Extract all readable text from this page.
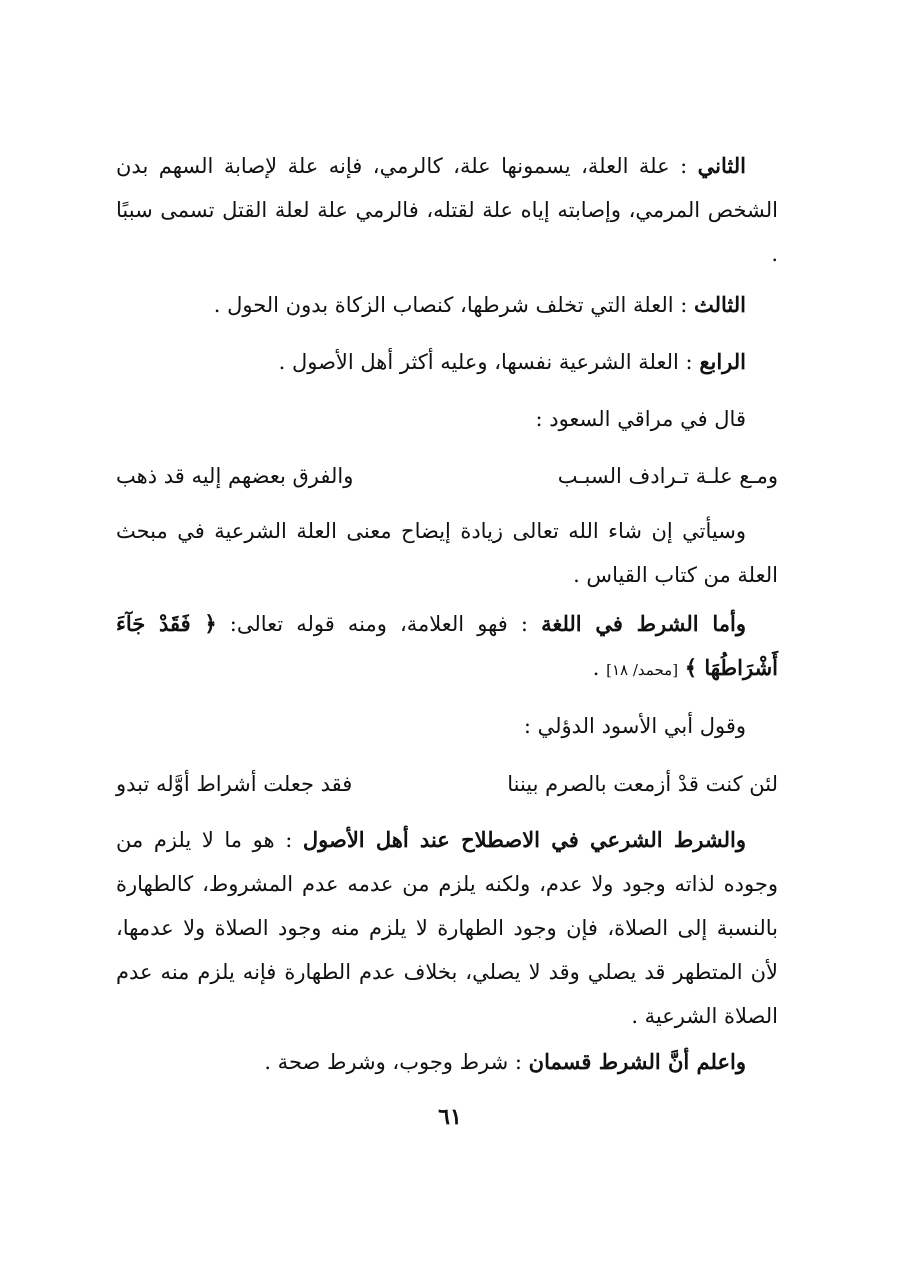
الثاني : علة العلة، يسمونها علة، كالرمي، فإنه علة لإصابة السهم بدن الشخص المرمي، وإصابته إياه علة لقتله، فالرمي علة لعلة القتل تسمى سببًا .

الثالث : العلة التي تخلف شرطها، كنصاب الزكاة بدون الحول .

الرابع : العلة الشرعية نفسها، وعليه أكثر أهل الأصول .

قال في مراقي السعود :

ومـع علـة تـرادف السبـب
والفرق بعضهم إليه قد ذهب

وسيأتي إن شاء الله تعالى زيادة إيضاح معنى العلة الشرعية في مبحث العلة من كتاب القياس .

وأما الشرط في اللغة : فهو العلامة، ومنه قوله تعالى: ﴿ فَقَدْ جَآءَ أَشْرَاطُهَا ﴾ [محمد/ ١٨] .

وقول أبي الأسود الدؤلي :

لئن كنت قدْ أزمعت بالصرم بيننا
فقد جعلت أشراط أوَّله تبدو

والشرط الشرعي في الاصطلاح عند أهل الأصول : هو ما لا يلزم من وجوده لذاته وجود ولا عدم، ولكنه يلزم من عدمه عدم المشروط، كالطهارة بالنسبة إلى الصلاة، فإن وجود الطهارة لا يلزم منه وجود الصلاة ولا عدمها، لأن المتطهر قد يصلي وقد لا يصلي، بخلاف عدم الطهارة فإنه يلزم منه عدم الصلاة الشرعية .

واعلم أنَّ الشرط قسمان : شرط وجوب، وشرط صحة .

٦١
